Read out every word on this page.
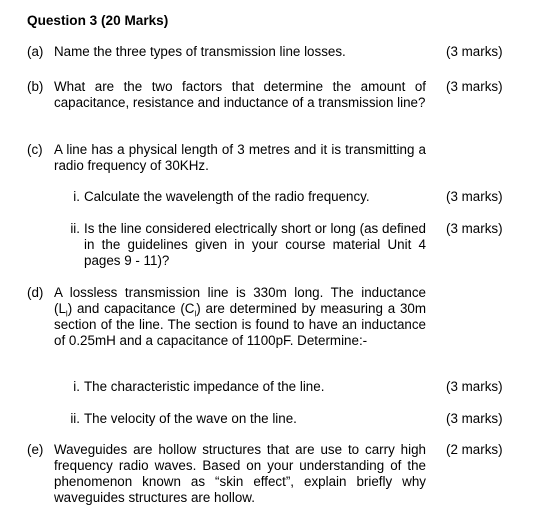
Question 3 (20 Marks)
(a) Name the three types of transmission line losses.	(3 marks)
(b) What are the two factors that determine the amount of capacitance, resistance and inductance of a transmission line?
(3 marks)
(c) A line has a physical length of 3 metres and it is transmitting a radio frequency of 30KHz.
i. Calculate the wavelength of the radio frequency.	(3 marks)
ii. Is the line considered electrically short or long (as defined in the guidelines given in your course material Unit 4 pages 9 - 11)?
(3 marks)
(d) A lossless transmission line is 330m long. The inductance
$(L_l)$ and capacitance $(C_l)$ are determined by measuring a 30m
section of the line. The section is found to have an inductance of 0.25mH and a capacitance of 1100pF. Determine:-
i. The characteristic impedance of the line.	(3 marks)
ii. The velocity of the wave on the line.	(3 marks)
(e) Waveguides are hollow structures that are use to carry high frequency radio waves. Based on your understanding of the phenomenon known as “skin effect”, explain briefly why waveguides structures are hollow.
(2 marks)
